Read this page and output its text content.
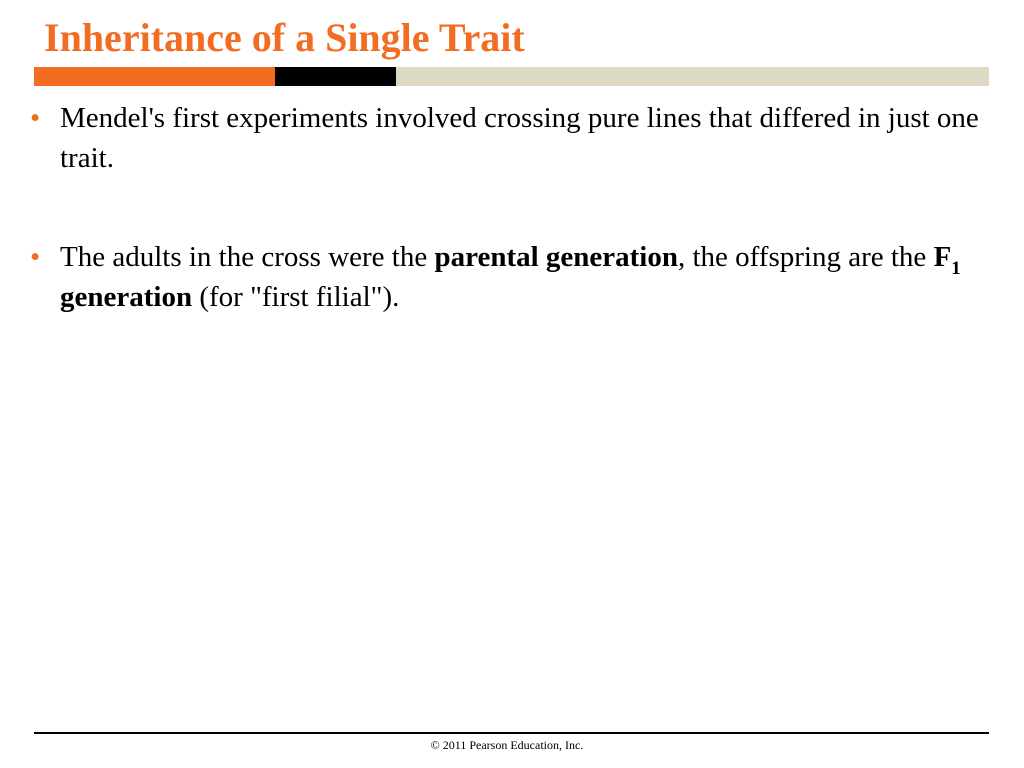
Inheritance of a Single Trait
• Mendel's first experiments involved crossing pure lines that differed in just one trait.
• The adults in the cross were the parental generation, the offspring are the $F_1$ generation (for "first filial").
© 2011 Pearson Education, Inc.
